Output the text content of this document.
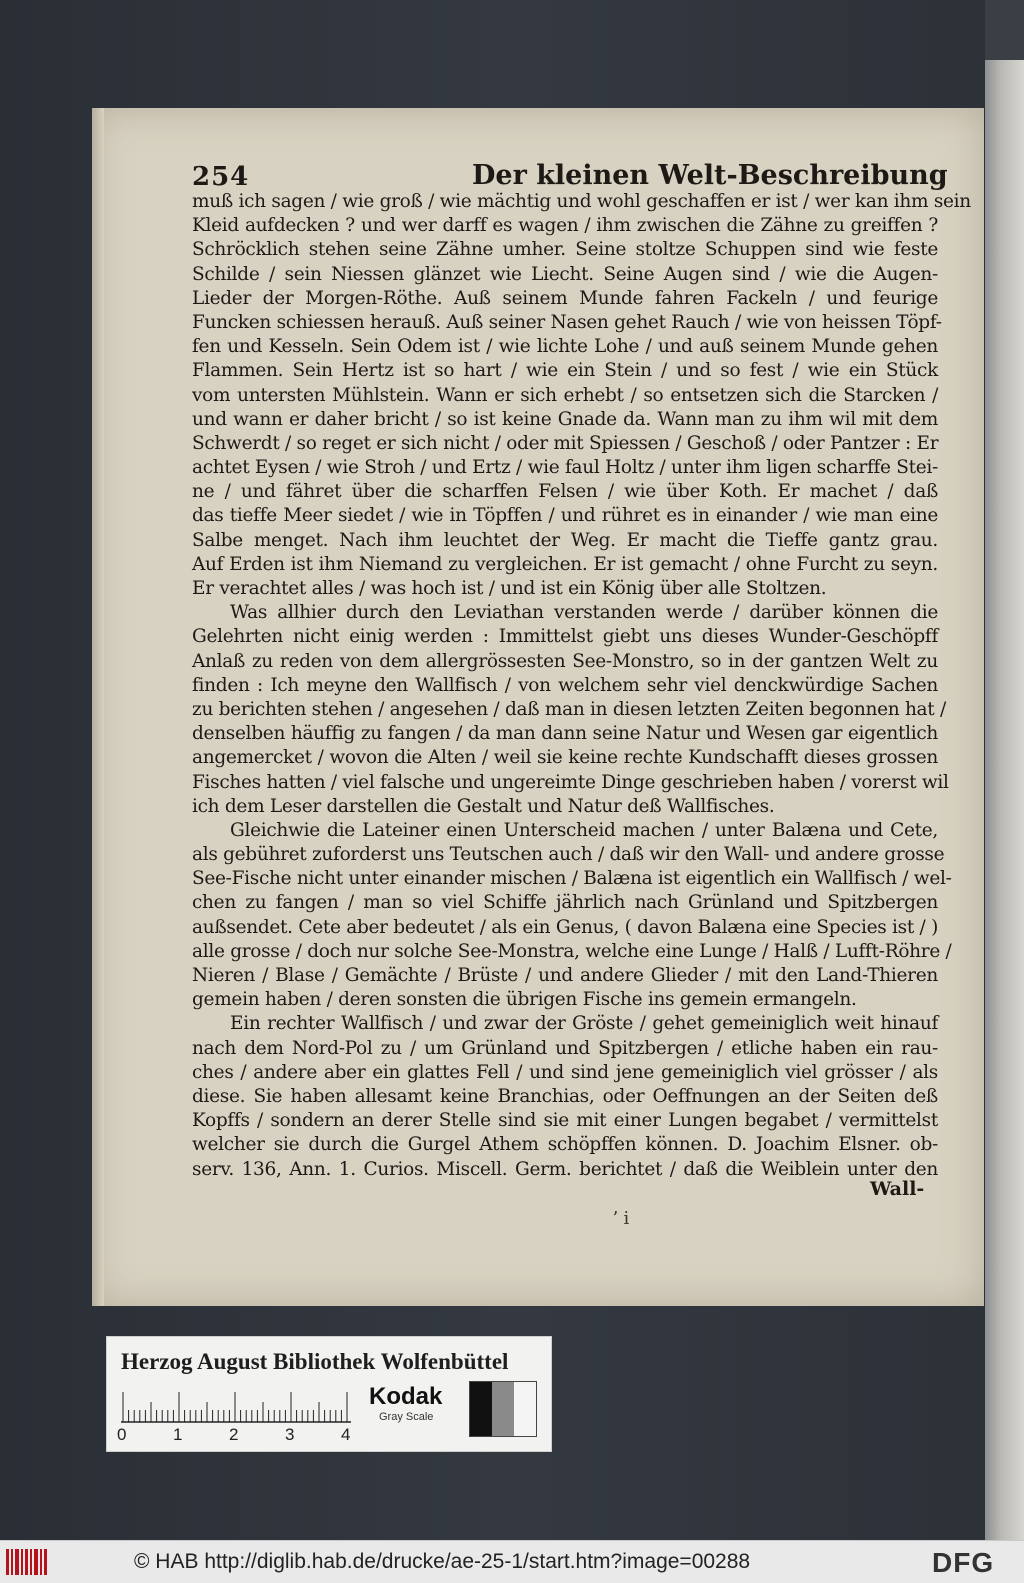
254	Der kleinen Welt-Beschreibung
muß ich sagen / wie groß / wie mächtig und wohl geschaffen er ist / wer kan ihm sein
Kleid aufdecken ? und wer darff es wagen / ihm zwischen die Zähne zu greiffen ?
Schröcklich stehen seine Zähne umher. Seine stoltze Schuppen sind wie feste
Schilde / sein Niessen glänzet wie Liecht. Seine Augen sind / wie die Augen-
Lieder der Morgen-Röthe. Auß seinem Munde fahren Fackeln / und feurige
Funcken schiessen herauß. Auß seiner Nasen gehet Rauch / wie von heissen Töpf-
fen und Kesseln. Sein Odem ist / wie lichte Lohe / und auß seinem Munde gehen
Flammen. Sein Hertz ist so hart / wie ein Stein / und so fest / wie ein Stück
vom untersten Mühlstein. Wann er sich erhebt / so entsetzen sich die Starcken /
und wann er daher bricht / so ist keine Gnade da. Wann man zu ihm wil mit dem
Schwerdt / so reget er sich nicht / oder mit Spiessen / Geschoß / oder Pantzer : Er
achtet Eysen / wie Stroh / und Ertz / wie faul Holtz / unter ihm ligen scharffe Stei-
ne / und fähret über die scharffen Felsen / wie über Koth. Er machet / daß
das tieffe Meer siedet / wie in Töpffen / und rühret es in einander / wie man eine
Salbe menget. Nach ihm leuchtet der Weg. Er macht die Tieffe gantz grau.
Auf Erden ist ihm Niemand zu vergleichen. Er ist gemacht / ohne Furcht zu seyn.
Er verachtet alles / was hoch ist / und ist ein König über alle Stoltzen.
Was allhier durch den Leviathan verstanden werde / darüber können die
Gelehrten nicht einig werden : Immittelst giebt uns dieses Wunder-Geschöpff
Anlaß zu reden von dem allergrössesten See-Monstro, so in der gantzen Welt zu
finden : Ich meyne den Wallfisch / von welchem sehr viel denckwürdige Sachen
zu berichten stehen / angesehen / daß man in diesen letzten Zeiten begonnen hat /
denselben häuffig zu fangen / da man dann seine Natur und Wesen gar eigentlich
angemercket / wovon die Alten / weil sie keine rechte Kundschafft dieses grossen
Fisches hatten / viel falsche und ungereimte Dinge geschrieben haben / vorerst wil
ich dem Leser darstellen die Gestalt und Natur deß Wallfisches.
Gleichwie die Lateiner einen Unterscheid machen / unter Balæna und Cete,
als gebühret zuforderst uns Teutschen auch / daß wir den Wall- und andere grosse
See-Fische nicht unter einander mischen / Balæna ist eigentlich ein Wallfisch / wel-
chen zu fangen / man so viel Schiffe jährlich nach Grünland und Spitzbergen
außsendet. Cete aber bedeutet / als ein Genus, ( davon Balæna eine Species ist / )
alle grosse / doch nur solche See-Monstra, welche eine Lunge / Halß / Lufft-Röhre /
Nieren / Blase / Gemächte / Brüste / und andere Glieder / mit den Land-Thieren
gemein haben / deren sonsten die übrigen Fische ins gemein ermangeln.
Ein rechter Wallfisch / und zwar der Gröste / gehet gemeiniglich weit hinauf
nach dem Nord-Pol zu / um Grünland und Spitzbergen / etliche haben ein rau-
ches / andere aber ein glattes Fell / und sind jene gemeiniglich viel grösser / als
diese. Sie haben allesamt keine Branchias, oder Oeffnungen an der Seiten deß
Kopffs / sondern an derer Stelle sind sie mit einer Lungen begabet / vermittelst
welcher sie durch die Gurgel Athem schöpffen können. D. Joachim Elsner. ob-
serv. 136, Ann. 1. Curios. Miscell. Germ. berichtet / daß die Weiblein unter den
Wall-
ʼ i
Herzog August Bibliothek Wolfenbüttel
0	1	2	3	4
Kodak
Gray Scale
© HAB http://diglib.hab.de/drucke/ae-25-1/start.htm?image=00288	DFG
